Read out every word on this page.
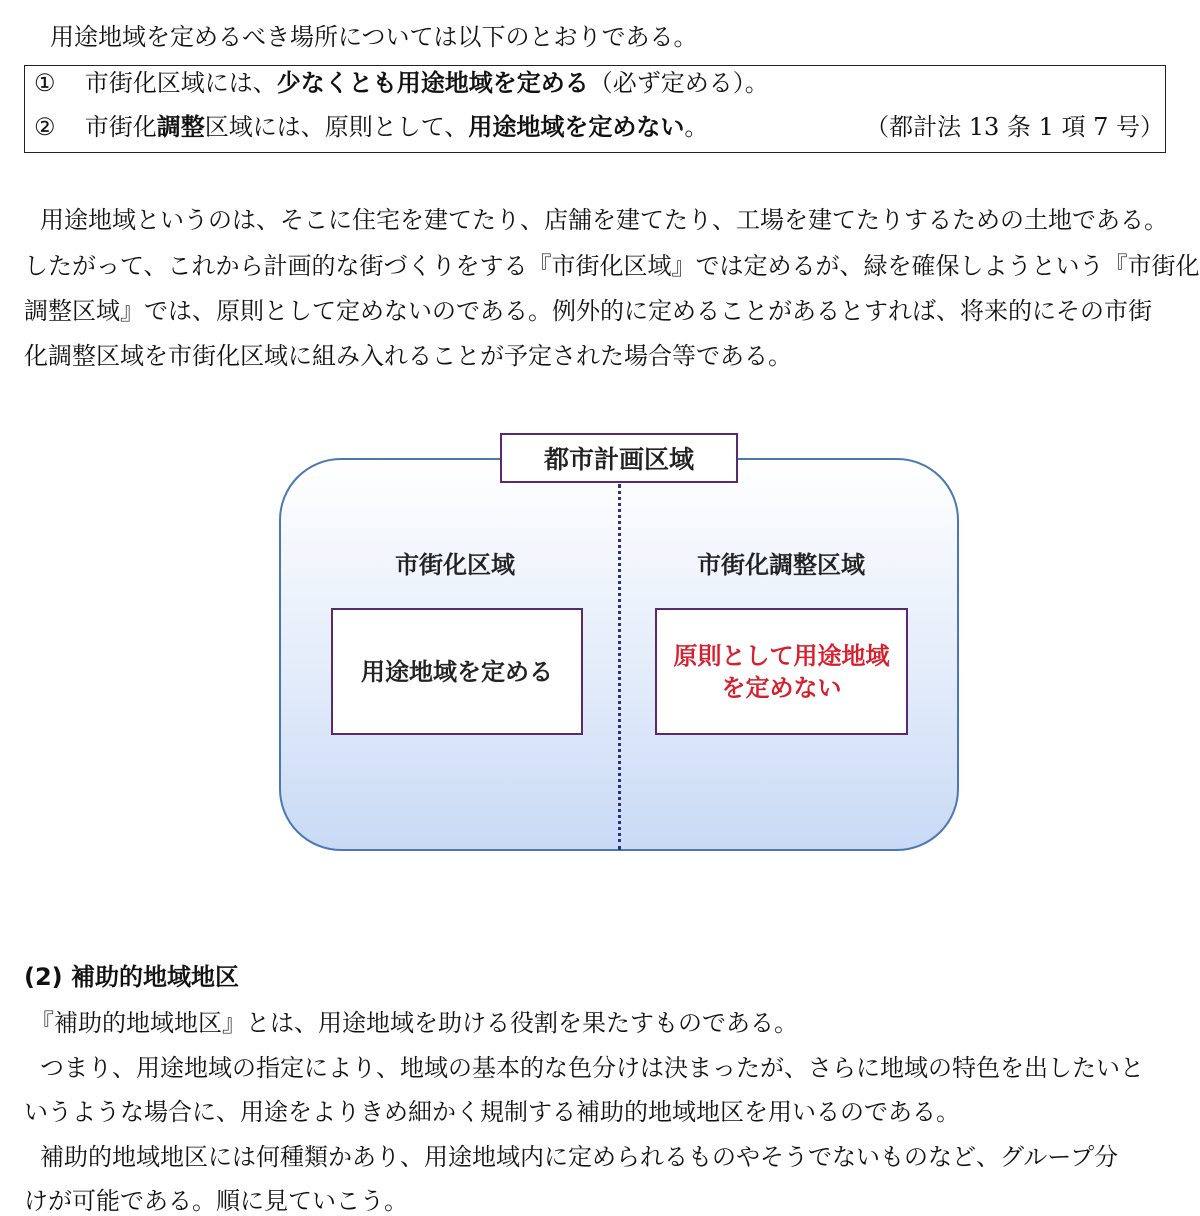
用途地域を定めるべき場所については以下のとおりである。
① 市街化区域には、少なくとも用途地域を定める（必ず定める）。
② 市街化調整区域には、原則として、用途地域を定めない。	（都計法 13 条 1 項 7 号）
用途地域というのは、そこに住宅を建てたり、店舗を建てたり、工場を建てたりするための土地である。
したがって、これから計画的な街づくりをする『市街化区域』では定めるが、緑を確保しようという『市街化
調整区域』では、原則として定めないのである。例外的に定めることがあるとすれば、将来的にその市街
化調整区域を市街化区域に組み入れることが予定された場合等である。
都市計画区域
市街化区域	市街化調整区域
用途地域を定める
原則として用途地域
を定めない
(2) 補助的地域地区
『補助的地域地区』とは、用途地域を助ける役割を果たすものである。
つまり、用途地域の指定により、地域の基本的な色分けは決まったが、さらに地域の特色を出したいと
いうような場合に、用途をよりきめ細かく規制する補助的地域地区を用いるのである。
補助的地域地区には何種類かあり、用途地域内に定められるものやそうでないものなど、グループ分
けが可能である。順に見ていこう。
